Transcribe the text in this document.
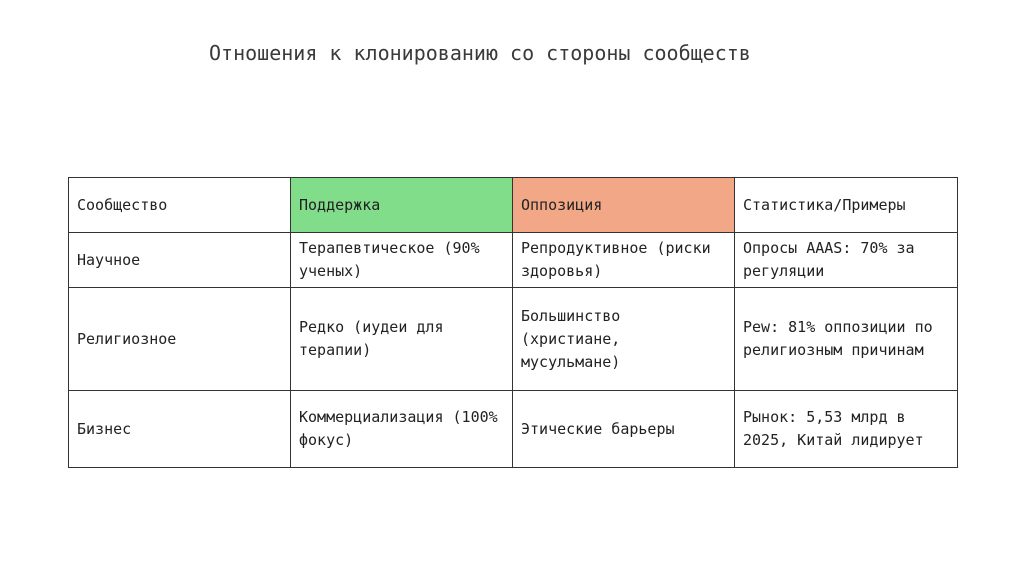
Отношения к клонированию со стороны сообществ
Сообщество	Поддержка	Оппозиция	Статистика/Примеры
Научное	Терапевтическое (90% ученых)	Репродуктивное (риски здоровья)	Опросы AAAS: 70% за регуляции
Религиозное	Редко (иудеи для терапии)	Большинство (христиане, мусульмане)	Pew: 81% оппозиции по религиозным причинам
Бизнес	Коммерциализация (100% фокус)	Этические барьеры	Рынок: 5,53 млрд в 2025, Китай лидирует
